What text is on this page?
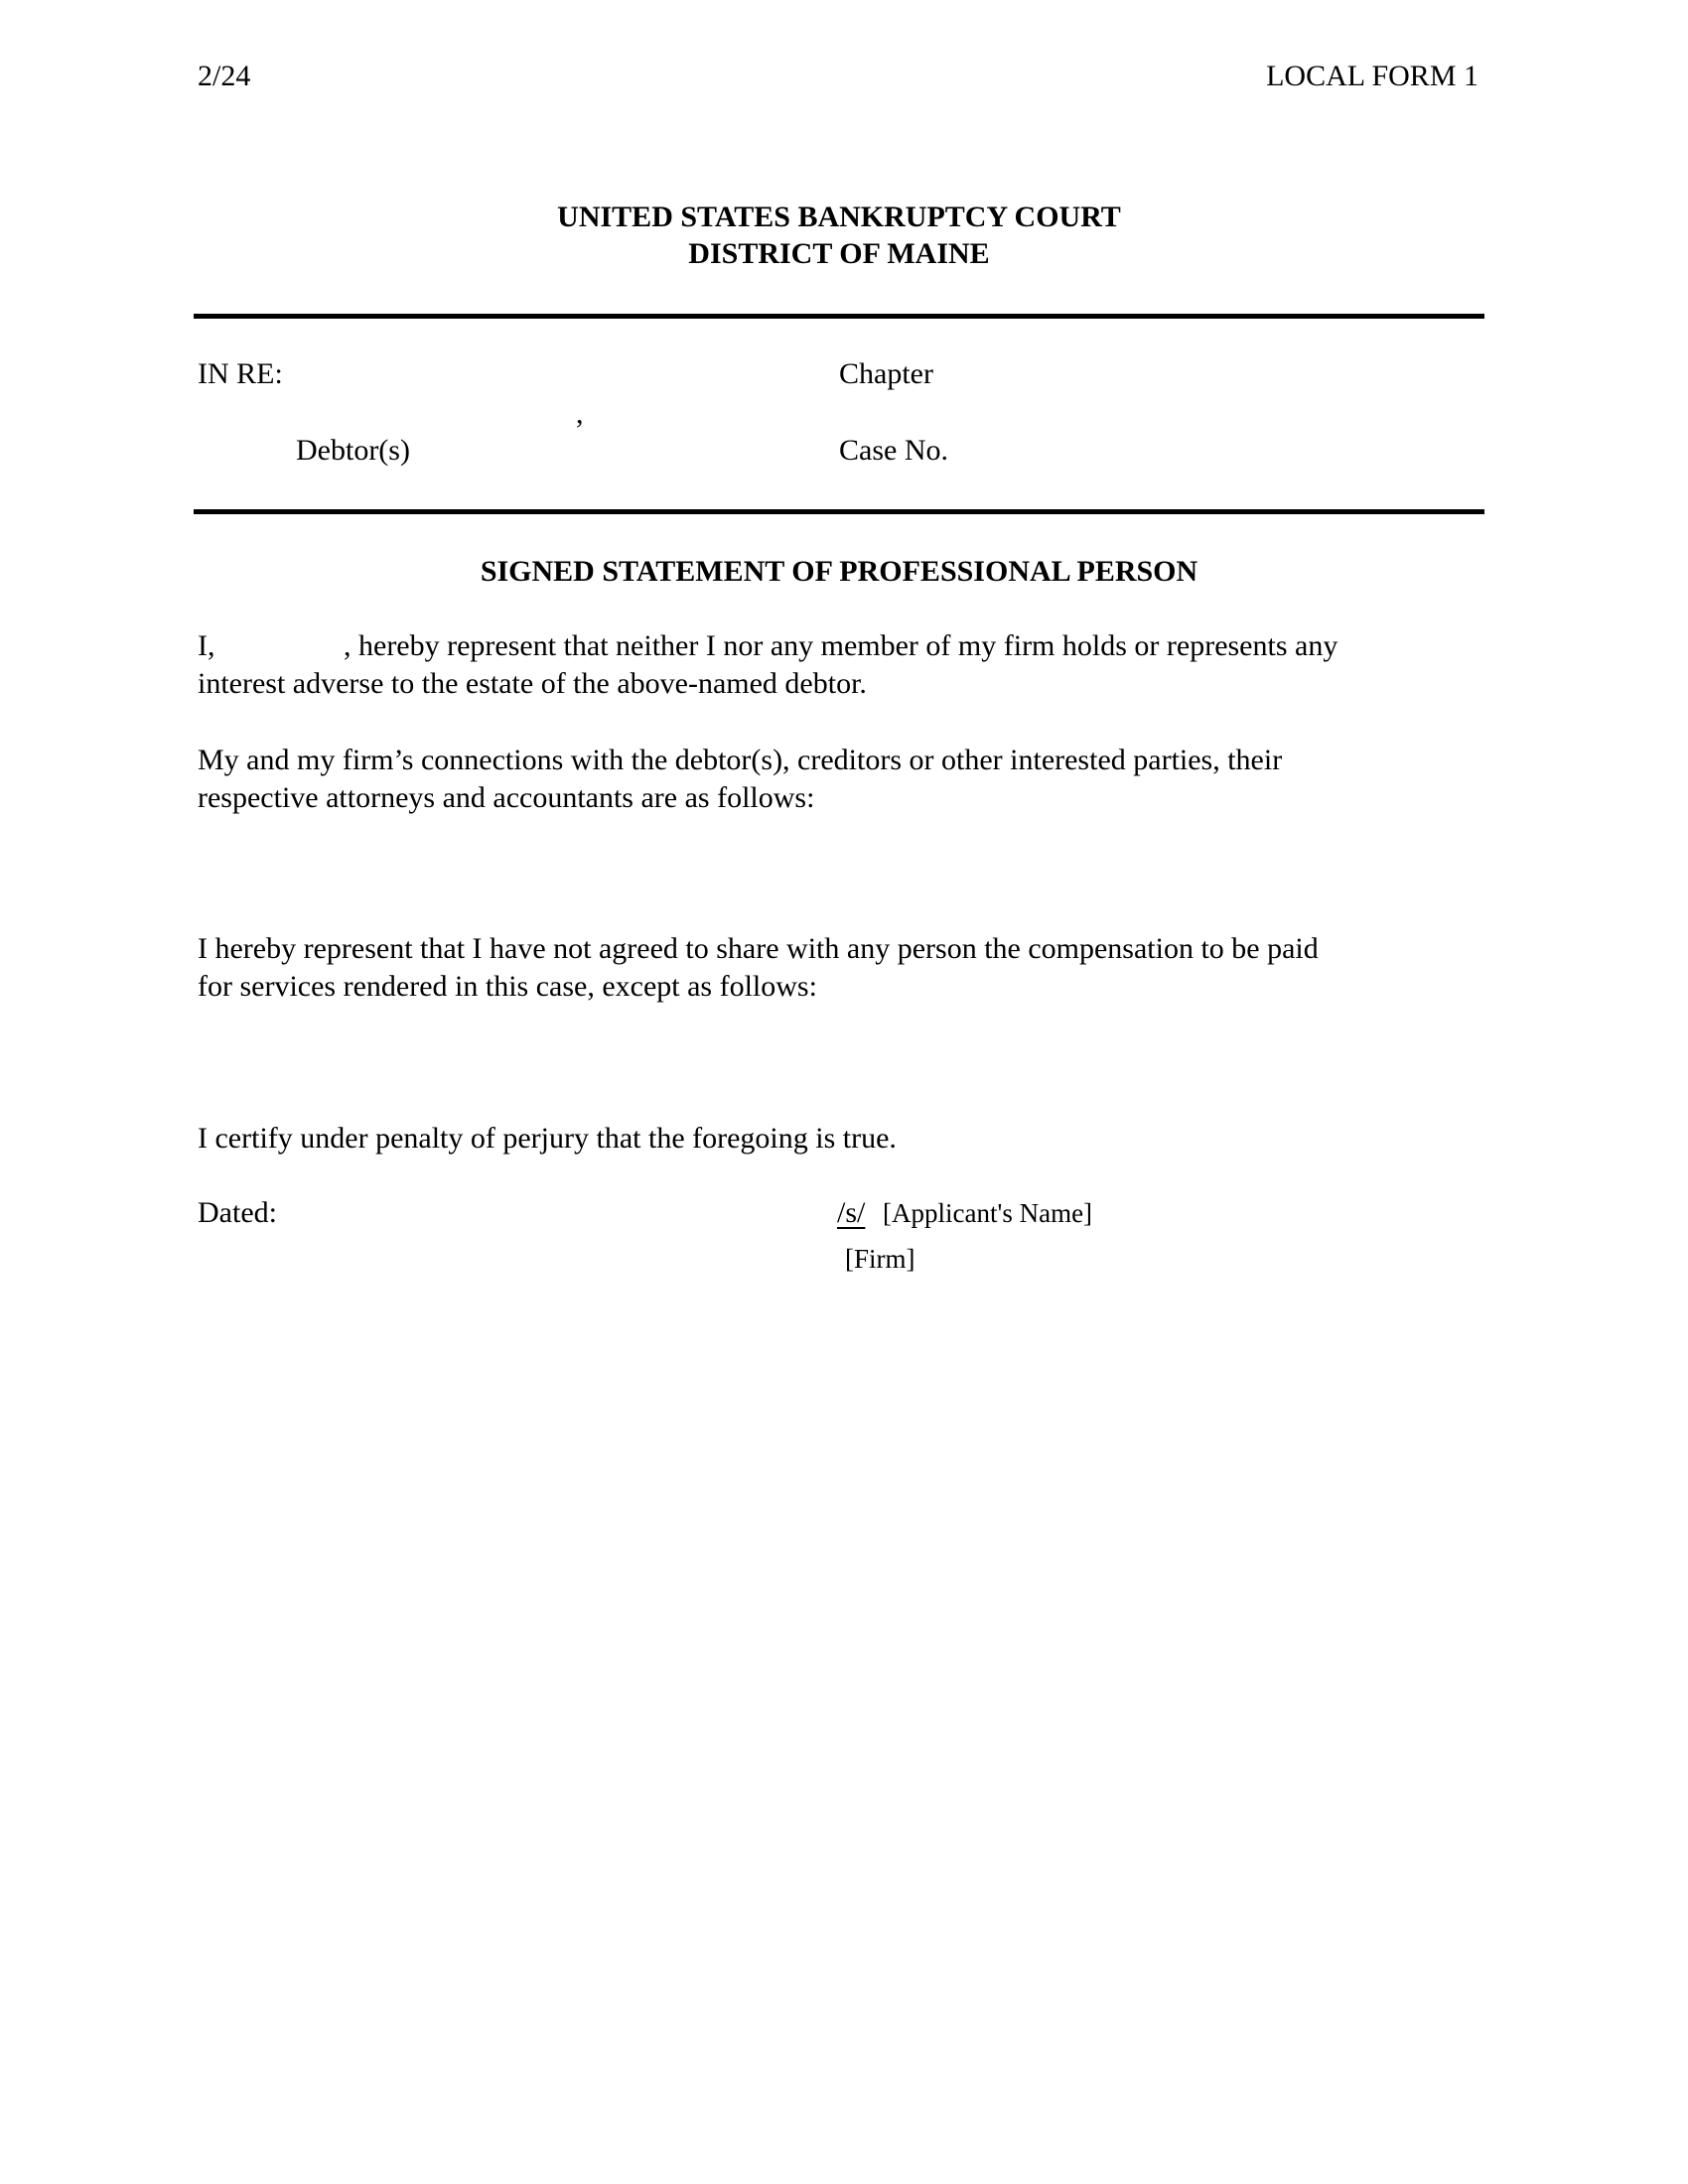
2/24	LOCAL FORM 1
UNITED STATES BANKRUPTCY COURT
DISTRICT OF MAINE
IN RE:
,
Debtor(s)
Chapter
Case No.
SIGNED STATEMENT OF PROFESSIONAL PERSON
I,	, hereby represent that neither I nor any member of my firm holds or represents any
interest adverse to the estate of the above-named debtor.
My and my firm’s connections with the debtor(s), creditors or other interested parties, their
respective attorneys and accountants are as follows:
I hereby represent that I have not agreed to share with any person the compensation to be paid
for services rendered in this case, except as follows:
I certify under penalty of perjury that the foregoing is true.
Dated:	/s/ [Applicant's Name]
[Firm]
